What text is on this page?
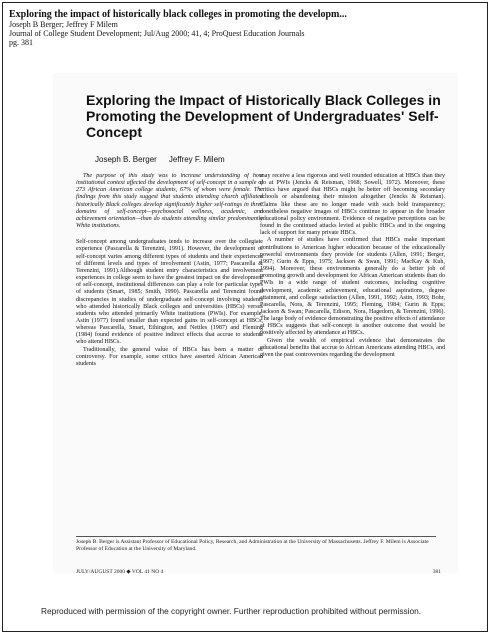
Exploring the impact of historically black colleges in promoting the developm...
Joseph B Berger; Jeffrey F Milem
Journal of College Student Development; Jul/Aug 2000; 41, 4; ProQuest Education Journals
pg. 381
Exploring the Impact of Historically Black Colleges in Promoting the Development of Undergraduates' Self-Concept
Joseph B. Berger Jeffrey F. Milem

The purpose of this study was to increase understanding of how institutional context affected the development of self-concept in a sample of 273 African American college students, 67% of whom were female. The findings from this study suggest that students attending church affiliated historically Black colleges develop significantly higher self-ratings in three domains of self-concept—psychosocial wellness, academic, and achievement orientation—than do students attending similar predominantly White institutions.

Self-concept among undergraduates tends to increase over the collegiate experience (Pascarella & Terenzini, 1991). However, the development of self-concept varies among different types of students and their experiences of different levels and types of involvement (Astin, 1977; Pascarella & Terenzini, 1991).Although student entry characteristics and involvement experiences in college seem to have the greatest impact on the development of self-concept, institutional differences can play a role for particular types of students (Smart, 1985; Smith, 1990). Pascarella and Terenzini found discrepancies in studies of undergraduate self-concept involving students who attended historically Black colleges and universities (HBCs) versus students who attended primarily White institutions (PWIs). For example, Astin (1977) found smaller than expected gains in self-concept at HBCs, whereas Pascarella, Smart, Ethington, and Nettles (1987) and Fleming (1984) found evidence of positive indirect effects that accrue to students who attend HBCs.

Traditionally, the general value of HBCs has been a matter of controversy. For example, some critics have asserted African American students

may receive a less rigorous and well rounded education at HBCs than they do at PWIs (Jencks & Reisman, 1968; Sowell, 1972). Moreover, these critics have argued that HBCs might be better off becoming secondary schools or abandoning their mission altogether (Jencks & Reisman). Claims like these are no longer made with such bold transparency; nonetheless negative images of HBCs continue to appear in the broader educational policy environment. Evidence of negative perceptions can be found in the continued attacks levied at public HBCs and in the ongoing lack of support for many private HBCs.

A number of studies have confirmed that HBCs make important contributions to American higher education because of the educationally powerful environments they provide for students (Allen, 1991; Berger, 1997; Gurin & Epps, 1975; Jackson & Swan, 1991; MacKay & Kuh, 1994). Moreover, these environments generally do a better job of promoting growth and development for African American students than do PWIs in a wide range of student outcomes, including cognitive development, academic achievement, educational aspirations, degree attainment, and college satisfaction (Allen, 1991, 1992; Astin, 1993; Bohr, Pascarella, Nora, & Terenzini, 1995; Fleming, 1984; Gurin & Epps; Jackson & Swan; Pascarella, Edison, Nora, Hagedorn, & Terenzini, 1996). The large body of evidence demonstrating the positive effects of attendance at HBCs suggests that self-concept is another outcome that would be positively affected by attendance at HBCs.

Given the wealth of empirical evidence that demonstrates the educational benefits that accrue to African Americans attending HBCs, and given the past controversies regarding the development

Joseph B. Berger is Assistant Professor of Educational Policy, Research, and Administration at the University of Massachusetts. Jeffrey F. Milem is Associate Professor of Education at the University of Maryland.
JULY/AUGUST 2000 ◆ VOL 41 NO 4	381
Reproduced with permission of the copyright owner. Further reproduction prohibited without permission.
